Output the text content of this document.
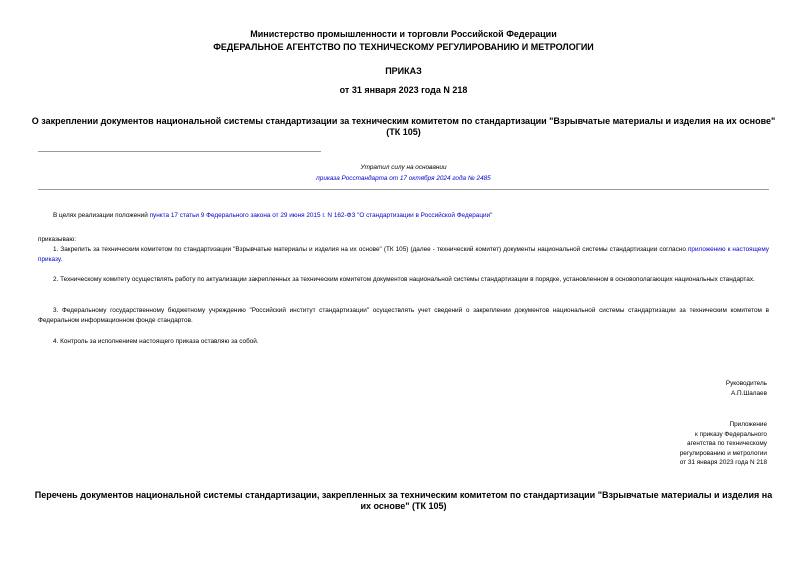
Министерство промышленности и торговли Российской Федерации
ФЕДЕРАЛЬНОЕ АГЕНТСТВО ПО ТЕХНИЧЕСКОМУ РЕГУЛИРОВАНИЮ И МЕТРОЛОГИИ
ПРИКАЗ
от 31 января 2023 года N 218
О закреплении документов национальной системы стандартизации за техническим комитетом по стандартизации "Взрывчатые материалы и изделия на их основе"
(ТК 105)
Утратил силу на основании
приказа Росстандарта от 17 октября 2024 года № 2485
В целях реализации положений пункта 17 статьи 9 Федерального закона от 29 июня 2015 г. N 162-ФЗ "О стандартизации в Российской Федерации"
приказываю:
1. Закрепить за техническим комитетом по стандартизации "Взрывчатые материалы и изделия на их основе" (ТК 105) (далее - технический комитет) документы национальной системы стандартизации согласно приложению к настоящему приказу.
2. Техническому комитету осуществлять работу по актуализации закрепленных за техническим комитетом документов национальной системы стандартизации в порядке, установленном в основополагающих национальных стандартах.
3. Федеральному государственному бюджетному учреждению "Российский институт стандартизации" осуществлять учет сведений о закреплении документов национальной системы стандартизации за техническим комитетом в Федеральном информационном фонде стандартов.
4. Контроль за исполнением настоящего приказа оставляю за собой.
Руководитель
А.П.Шалаев
Приложение
к приказу Федерального
агентства по техническому
регулированию и метрологии
от 31 января 2023 года N 218
Перечень документов национальной системы стандартизации, закрепленных за техническим комитетом по стандартизации "Взрывчатые материалы и изделия на
их основе" (ТК 105)
